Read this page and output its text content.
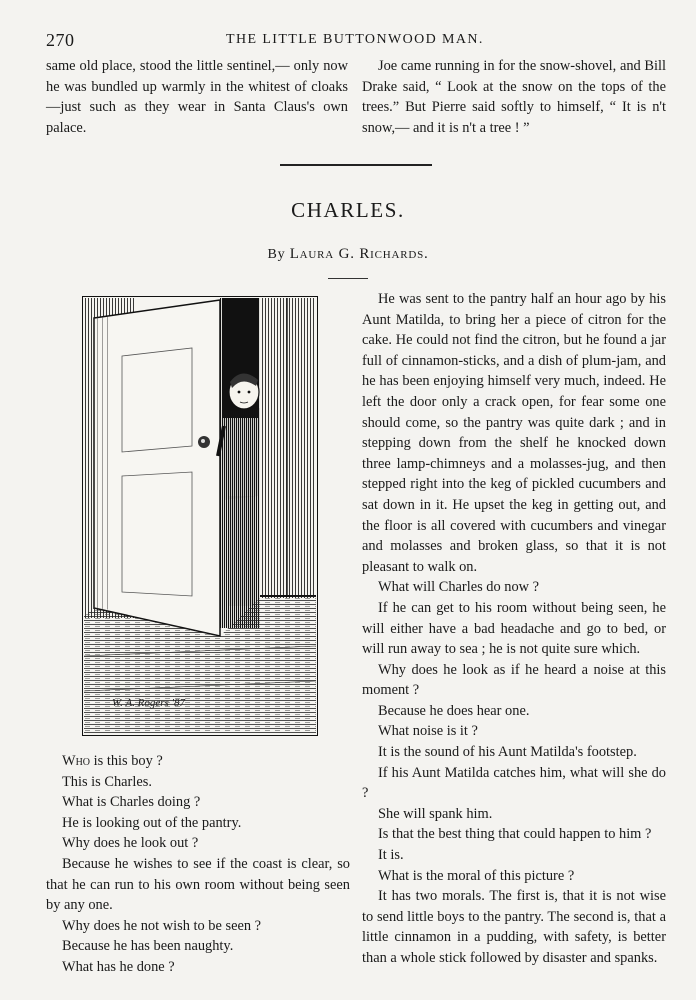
270	THE LITTLE BUTTONWOOD MAN.

same old place, stood the little sentinel,— only now he was bundled up warmly in the whitest of cloaks —just such as they wear in Santa Claus's own palace.

Joe came running in for the snow-shovel, and Bill Drake said, “ Look at the snow on the tops of the trees.” But Pierre said softly to himself, “ It is n't snow,— and it is n't a tree ! ”

CHARLES.
By Laura G. Richards.
W. A. Rogers '87

He was sent to the pantry half an hour ago by his Aunt Matilda, to bring her a piece of citron for the cake. He could not find the citron, but he found a jar full of cinnamon-sticks, and a dish of plum-jam, and he has been enjoying himself very much, indeed. He left the door only a crack open, for fear some one should come, so the pantry was quite dark ; and in stepping down from the shelf he knocked down three lamp-chimneys and a molasses-jug, and then stepped right into the keg of pickled cucumbers and sat down in it. He upset the keg in getting out, and the floor is all covered with cucumbers and vinegar and molasses and broken glass, so that it is not pleasant to walk on.

What will Charles do now ?

If he can get to his room without being seen, he will either have a bad headache and go to bed, or will run away to sea ; he is not quite sure which.

Why does he look as if he heard a noise at this moment ?

Because he does hear one.

What noise is it ?

It is the sound of his Aunt Matilda's footstep.

If his Aunt Matilda catches him, what will she do ?

She will spank him.

Is that the best thing that could happen to him ?

It is.

What is the moral of this picture ?

It has two morals. The first is, that it is not wise to send little boys to the pantry. The second is, that a little cinnamon in a pudding, with safety, is better than a whole stick followed by disaster and spanks.

Who is this boy ?

This is Charles.

What is Charles doing ?

He is looking out of the pantry.

Why does he look out ?

Because he wishes to see if the coast is clear, so that he can run to his own room without being seen by any one.

Why does he not wish to be seen ?

Because he has been naughty.

What has he done ?
